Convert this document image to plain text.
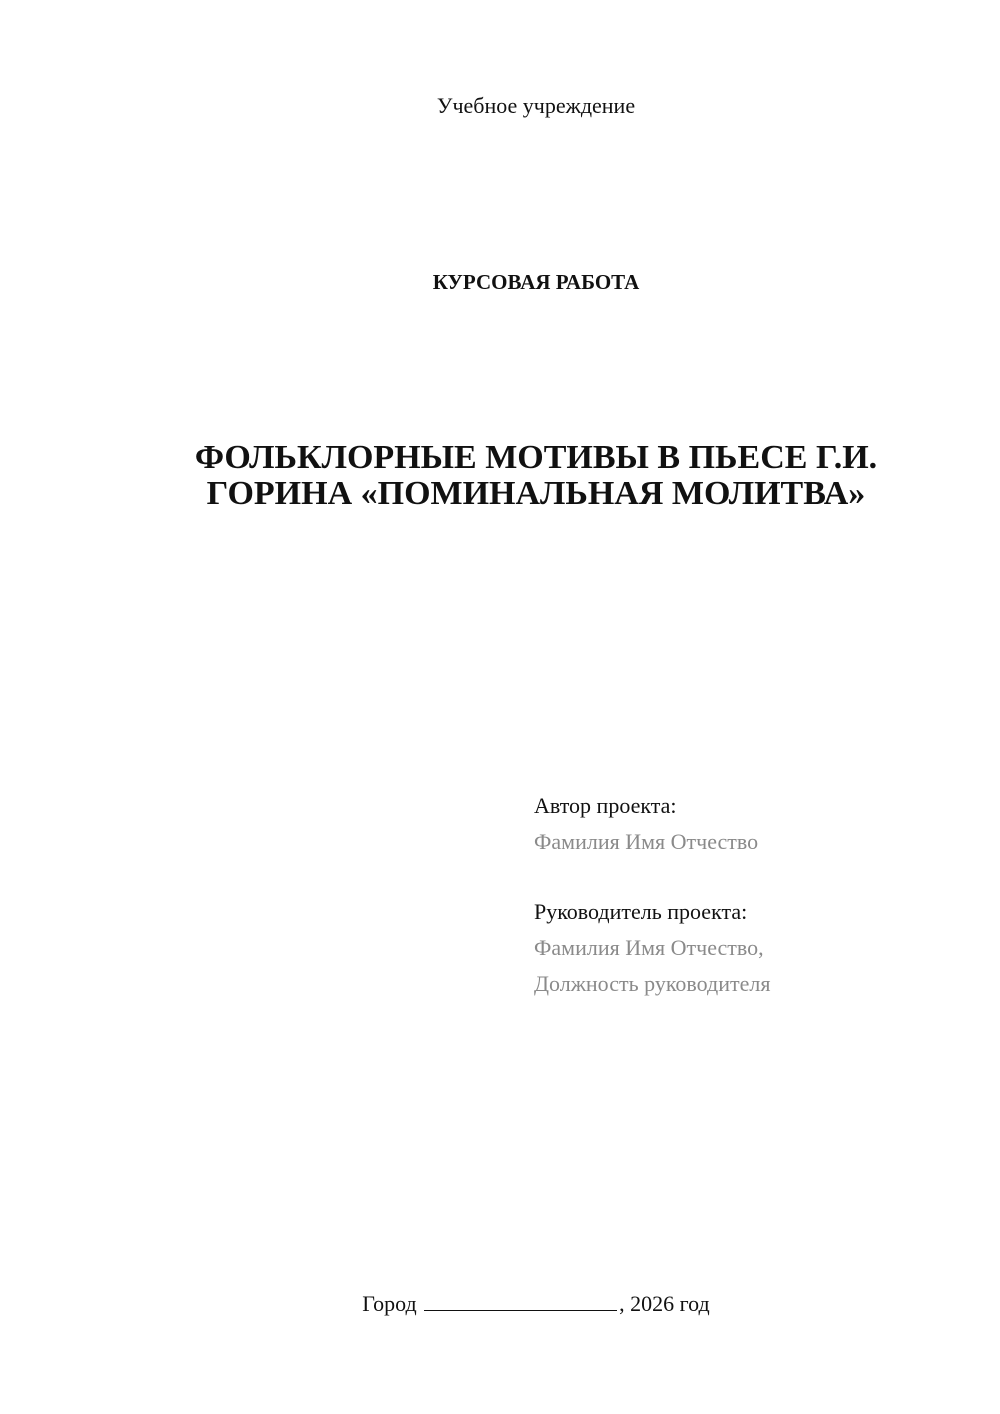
Учебное учреждение
КУРСОВАЯ РАБОТА
ФОЛЬКЛОРНЫЕ МОТИВЫ В ПЬЕСЕ Г.И.
ГОРИНА «ПОМИНАЛЬНАЯ МОЛИТВА»
Автор проекта:
Фамилия Имя Отчество
Руководитель проекта:
Фамилия Имя Отчество,
Должность руководителя
Город	, 2026 год
